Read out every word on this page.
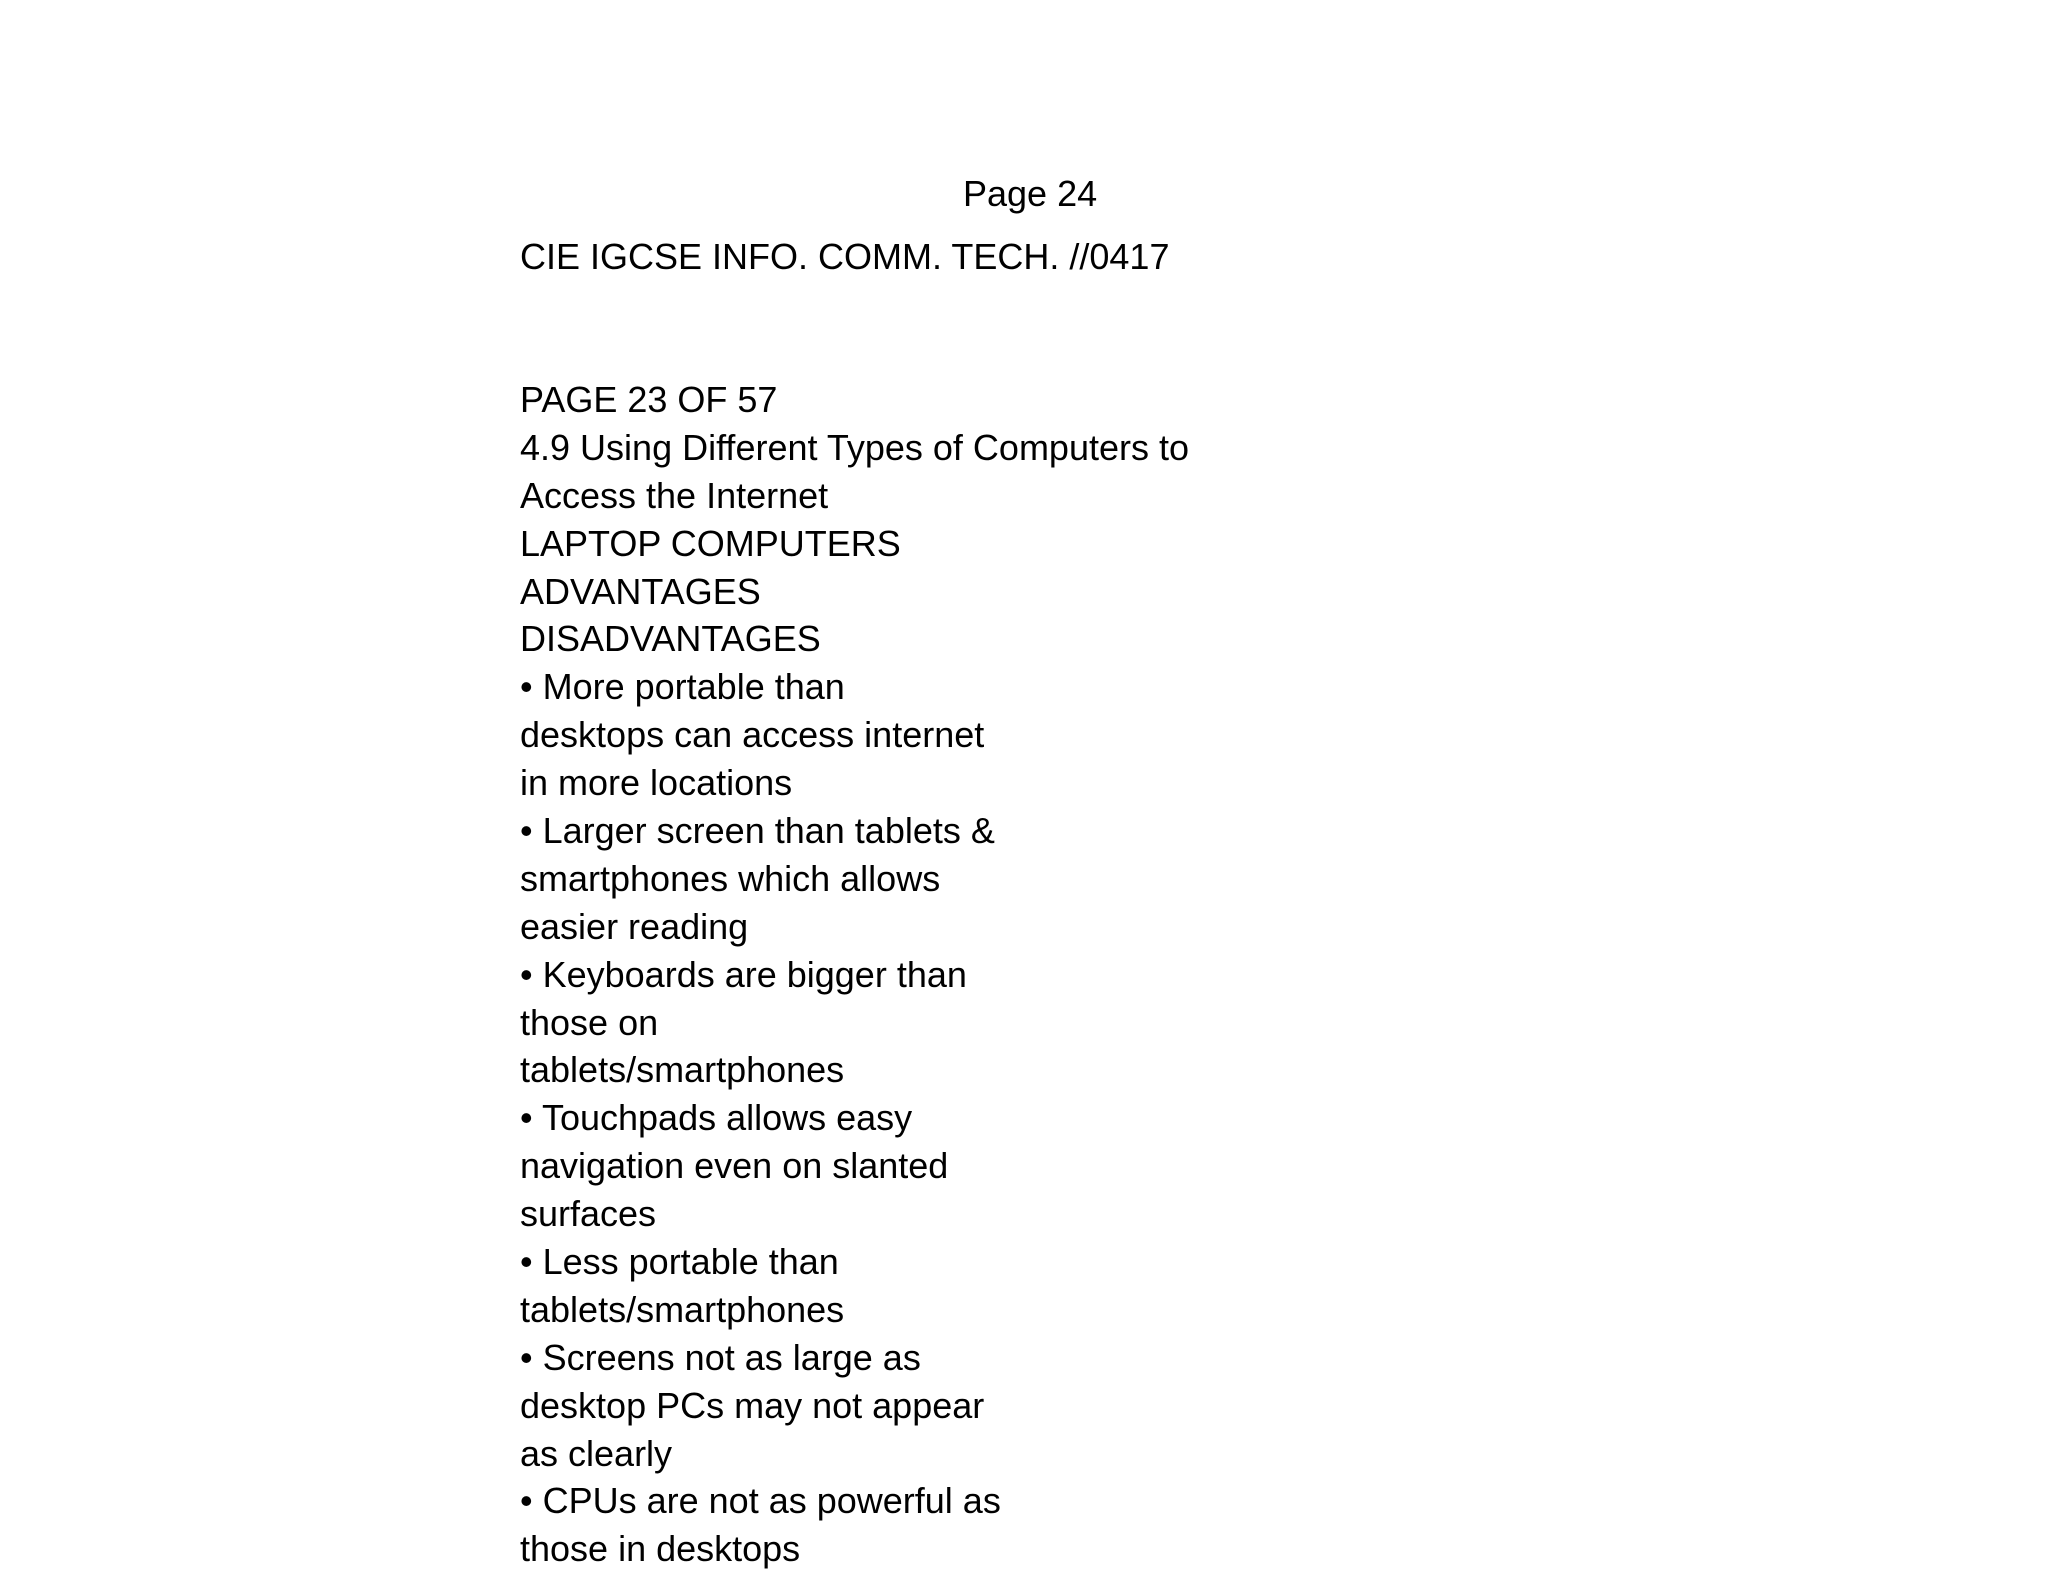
Page 24
CIE IGCSE INFO. COMM. TECH. //0417
PAGE 23 OF 57
4.9 Using Different Types of Computers to
Access the Internet
LAPTOP COMPUTERS
ADVANTAGES
DISADVANTAGES
• More portable than
desktops can access internet
in more locations
• Larger screen than tablets &
smartphones which allows
easier reading
• Keyboards are bigger than
those on
tablets/smartphones
• Touchpads allows easy
navigation even on slanted
surfaces
• Less portable than
tablets/smartphones
• Screens not as large as
desktop PCs may not appear
as clearly
• CPUs are not as powerful as
those in desktops
